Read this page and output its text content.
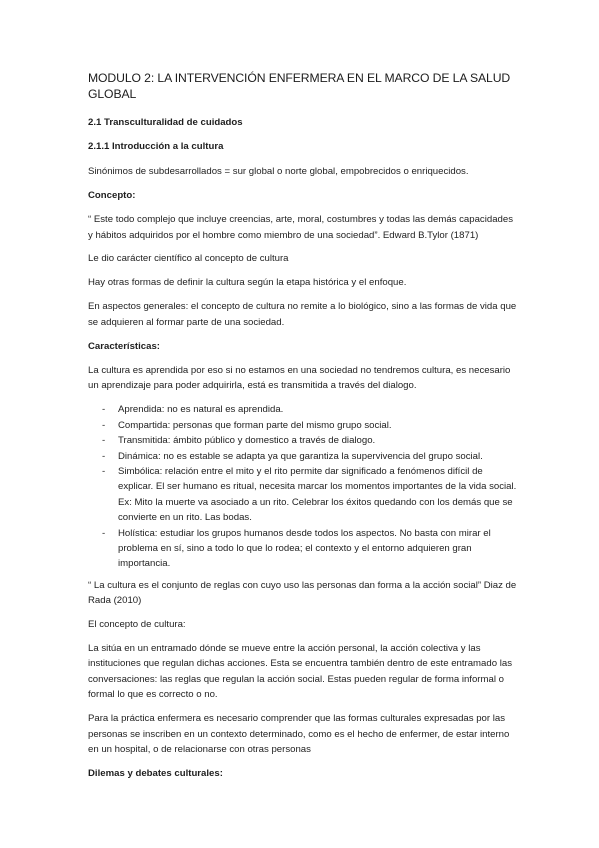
MODULO 2: LA INTERVENCIÓN ENFERMERA EN EL MARCO DE LA SALUD GLOBAL
2.1 Transculturalidad de cuidados
2.1.1 Introducción a la cultura

Sinónimos de subdesarrollados = sur global o norte global, empobrecidos o enriquecidos.

Concepto:

“ Este todo complejo que incluye creencias, arte, moral, costumbres y todas las demás capacidades y hábitos adquiridos por el hombre como miembro de una sociedad”. Edward B.Tylor (1871)

Le dio carácter científico al concepto de cultura

Hay otras formas de definir la cultura según la etapa histórica y el enfoque.

En aspectos generales: el concepto de cultura no remite a lo biológico, sino a las formas de vida que se adquieren al formar parte de una sociedad.

Características:

La cultura es aprendida por eso si no estamos en una sociedad no tendremos cultura, es necesario un aprendizaje para poder adquirirla, está es transmitida a través del dialogo.

- Aprendida: no es natural es aprendida.
- Compartida: personas que forman parte del mismo grupo social.
- Transmitida: ámbito público y domestico a través de dialogo.
- Dinámica: no es estable se adapta ya que garantiza la supervivencia del grupo social.
- Simbólica: relación entre el mito y el rito permite dar significado a fenómenos difícil de explicar. El ser humano es ritual, necesita marcar los momentos importantes de la vida social. Ex: Mito la muerte va asociado a un rito. Celebrar los éxitos quedando con los demás que se convierte en un rito. Las bodas.
- Holística: estudiar los grupos humanos desde todos los aspectos. No basta con mirar el problema en sí, sino a todo lo que lo rodea; el contexto y el entorno adquieren gran importancia.

“ La cultura es el conjunto de reglas con cuyo uso las personas dan forma a la acción social” Diaz de Rada (2010)

El concepto de cultura:

La sitúa en un entramado dónde se mueve entre la acción personal, la acción colectiva y las instituciones que regulan dichas acciones. Esta se encuentra también dentro de este entramado las conversaciones: las reglas que regulan la acción social. Estas pueden regular de forma informal o formal lo que es correcto o no.

Para la práctica enfermera es necesario comprender que las formas culturales expresadas por las personas se inscriben en un contexto determinado, como es el hecho de enfermer, de estar interno en un hospital, o de relacionarse con otras personas

Dilemas y debates culturales:
